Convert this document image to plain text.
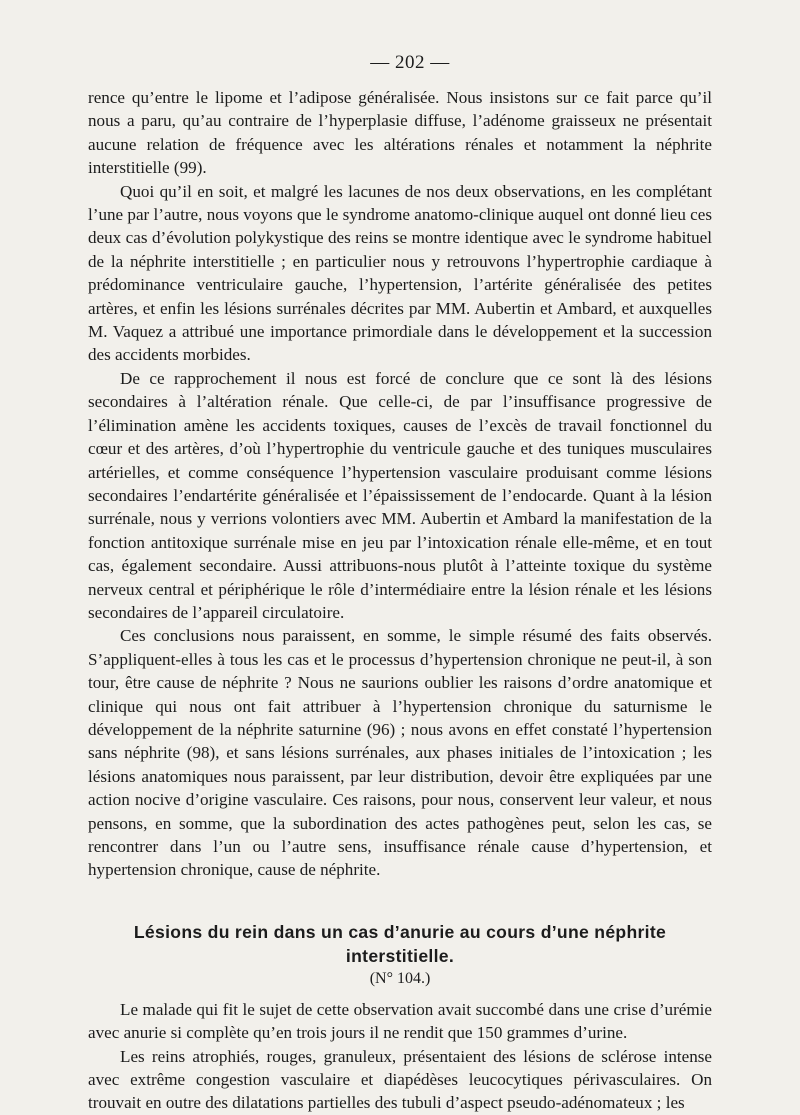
— 202 —

rence qu’entre le lipome et l’adipose généralisée. Nous insistons sur ce fait parce qu’il nous a paru, qu’au contraire de l’hyperplasie diffuse, l’adénome graisseux ne présentait aucune relation de fréquence avec les altérations rénales et notamment la néphrite interstitielle (99).

Quoi qu’il en soit, et malgré les lacunes de nos deux observations, en les complétant l’une par l’autre, nous voyons que le syndrome anatomo-clinique auquel ont donné lieu ces deux cas d’évolution polykystique des reins se montre identique avec le syndrome habituel de la néphrite interstitielle ; en particulier nous y retrouvons l’hypertrophie cardiaque à prédominance ventriculaire gauche, l’hypertension, l’artérite généralisée des petites artères, et enfin les lésions surrénales décrites par MM. Aubertin et Ambard, et auxquelles M. Vaquez a attribué une importance primordiale dans le développement et la succession des accidents morbides.

De ce rapprochement il nous est forcé de conclure que ce sont là des lésions secondaires à l’altération rénale. Que celle-ci, de par l’insuffisance progressive de l’élimination amène les accidents toxiques, causes de l’excès de travail fonctionnel du cœur et des artères, d’où l’hypertrophie du ventricule gauche et des tuniques musculaires artérielles, et comme conséquence l’hypertension vasculaire produisant comme lésions secondaires l’endartérite généralisée et l’épaississement de l’endocarde. Quant à la lésion surrénale, nous y verrions volontiers avec MM. Aubertin et Ambard la manifestation de la fonction antitoxique surrénale mise en jeu par l’intoxication rénale elle-même, et en tout cas, également secondaire. Aussi attribuons-nous plutôt à l’atteinte toxique du système nerveux central et périphérique le rôle d’intermédiaire entre la lésion rénale et les lésions secondaires de l’appareil circulatoire.

Ces conclusions nous paraissent, en somme, le simple résumé des faits observés. S’appliquent-elles à tous les cas et le processus d’hypertension chronique ne peut-il, à son tour, être cause de néphrite ? Nous ne saurions oublier les raisons d’ordre anatomique et clinique qui nous ont fait attribuer à l’hypertension chronique du saturnisme le développement de la néphrite saturnine (96) ; nous avons en effet constaté l’hypertension sans néphrite (98), et sans lésions surrénales, aux phases initiales de l’intoxication ; les lésions anatomiques nous paraissent, par leur distribution, devoir être expliquées par une action nocive d’origine vasculaire. Ces raisons, pour nous, conservent leur valeur, et nous pensons, en somme, que la subordination des actes pathogènes peut, selon les cas, se rencontrer dans l’un ou l’autre sens, insuffisance rénale cause d’hypertension, et hypertension chronique, cause de néphrite.

Lésions du rein dans un cas d’anurie au cours d’une néphrite interstitielle.
(N° 104.)

Le malade qui fit le sujet de cette observation avait succombé dans une crise d’urémie avec anurie si complète qu’en trois jours il ne rendit que 150 grammes d’urine.

Les reins atrophiés, rouges, granuleux, présentaient des lésions de sclérose intense avec extrême congestion vasculaire et diapédèses leucocytiques périvasculaires. On trouvait en outre des dilatations partielles des tubuli d’aspect pseudo-adénomateux ; les
